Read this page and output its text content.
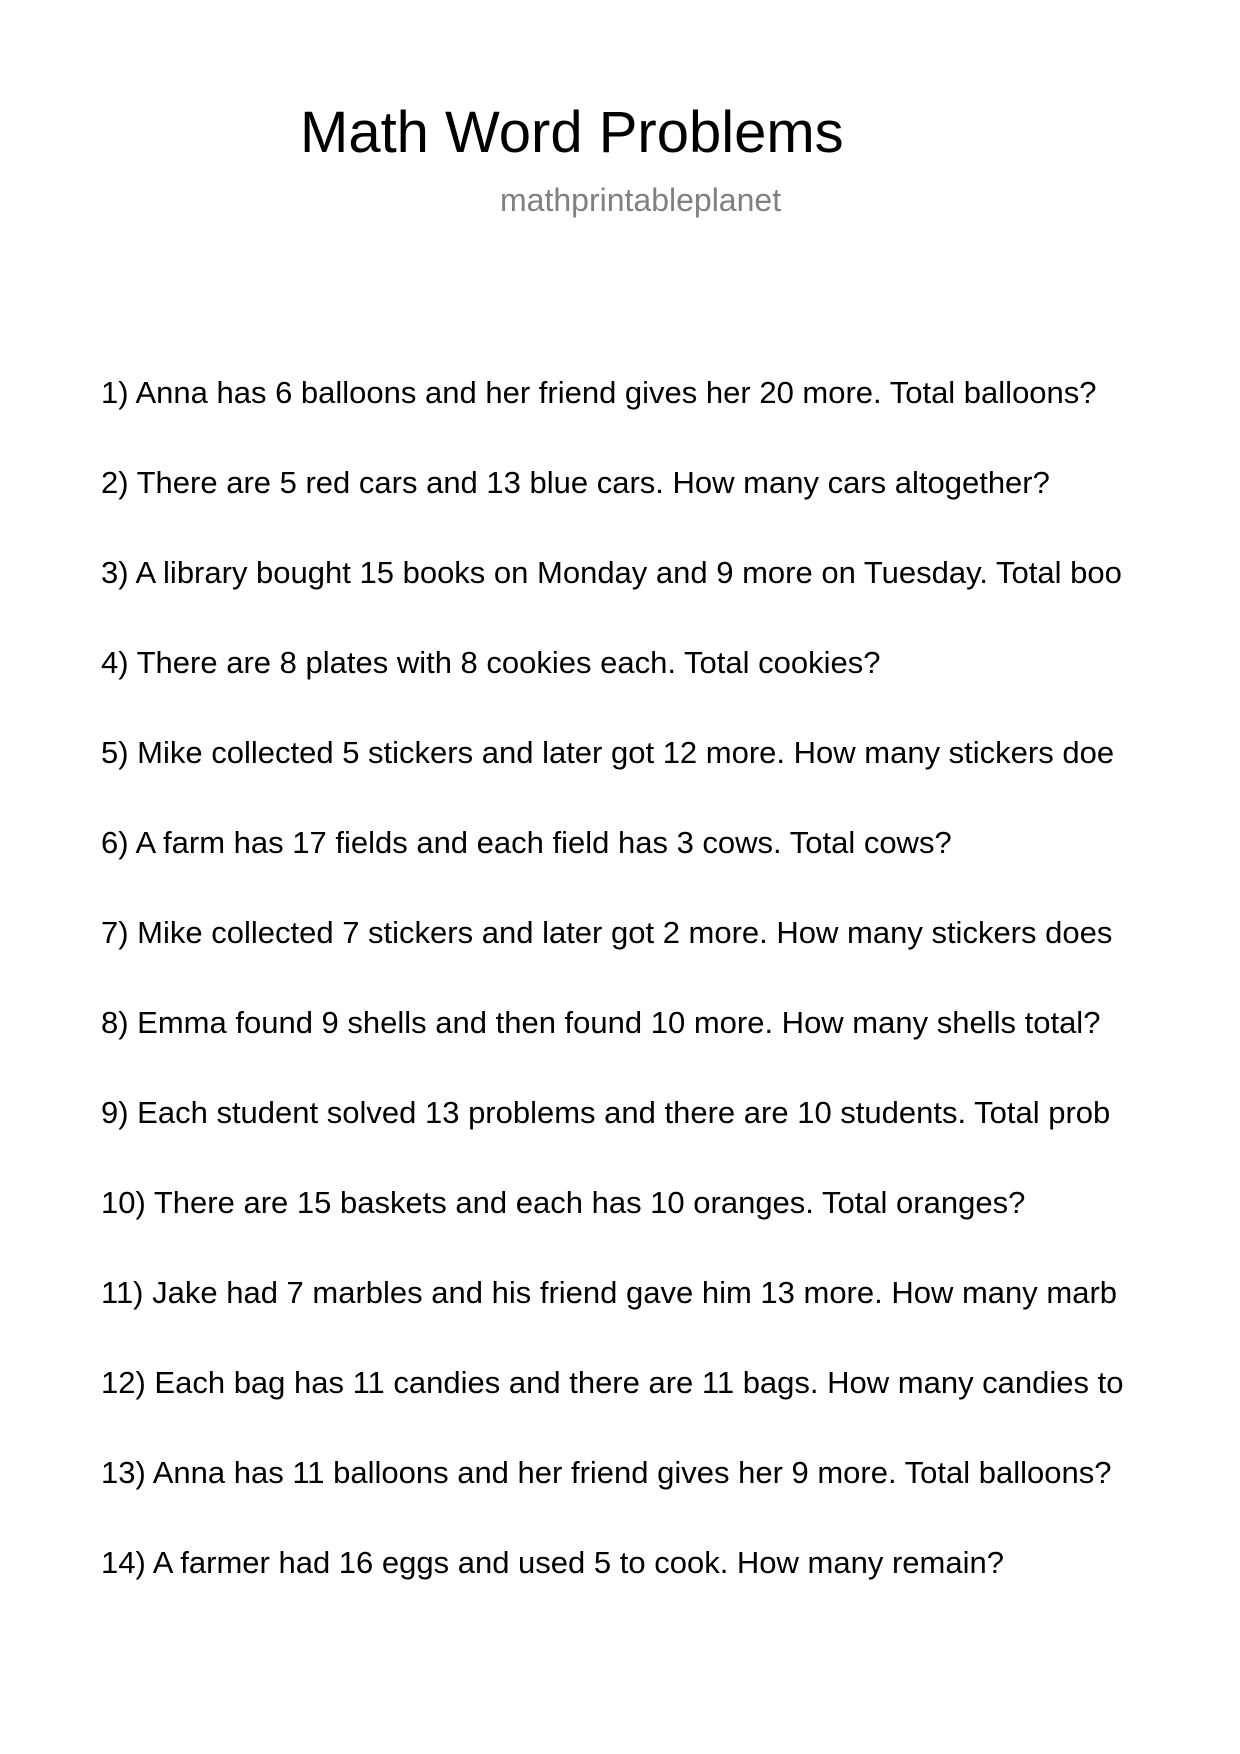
Math Word Problems
mathprintableplanet
1) Anna has 6 balloons and her friend gives her 20 more. Total balloons?
2) There are 5 red cars and 13 blue cars. How many cars altogether?
3) A library bought 15 books on Monday and 9 more on Tuesday. Total boo
4) There are 8 plates with 8 cookies each. Total cookies?
5) Mike collected 5 stickers and later got 12 more. How many stickers doe
6) A farm has 17 fields and each field has 3 cows. Total cows?
7) Mike collected 7 stickers and later got 2 more. How many stickers does
8) Emma found 9 shells and then found 10 more. How many shells total?
9) Each student solved 13 problems and there are 10 students. Total prob
10) There are 15 baskets and each has 10 oranges. Total oranges?
11) Jake had 7 marbles and his friend gave him 13 more. How many marb
12) Each bag has 11 candies and there are 11 bags. How many candies to
13) Anna has 11 balloons and her friend gives her 9 more. Total balloons?
14) A farmer had 16 eggs and used 5 to cook. How many remain?
